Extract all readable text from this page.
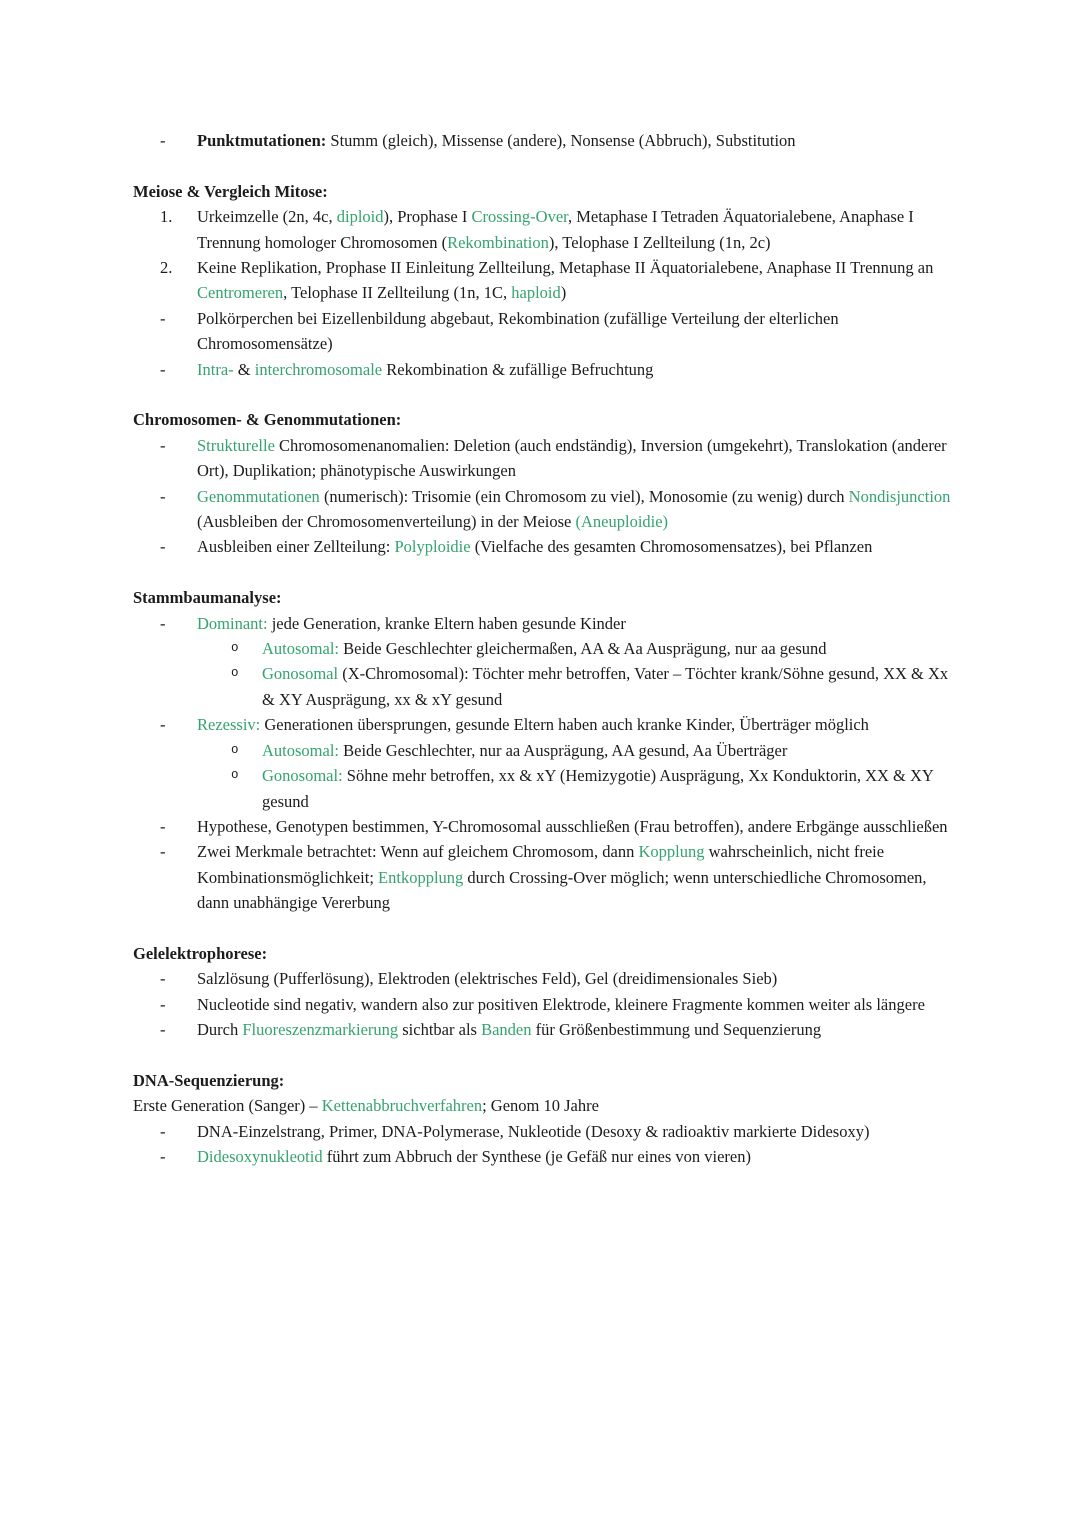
-	Punktmutationen: Stumm (gleich), Missense (andere), Nonsense (Abbruch), Substitution
Meiose & Vergleich Mitose:
1.	Urkeimzelle (2n, 4c, diploid), Prophase I Crossing-Over, Metaphase I Tetraden Äquatorialebene, Anaphase I Trennung homologer Chromosomen (Rekombination), Telophase I Zellteilung (1n, 2c)
2.	Keine Replikation, Prophase II Einleitung Zellteilung, Metaphase II Äquatorialebene, Anaphase II Trennung an Centromeren, Telophase II Zellteilung (1n, 1C, haploid)
-	Polkörperchen bei Eizellenbildung abgebaut, Rekombination (zufällige Verteilung der elterlichen Chromosomensätze)
-	Intra- & interchromosomale Rekombination & zufällige Befruchtung
Chromosomen- & Genommutationen:
-	Strukturelle Chromosomenanomalien: Deletion (auch endständig), Inversion (umgekehrt), Translokation (anderer Ort), Duplikation; phänotypische Auswirkungen
-	Genommutationen (numerisch): Trisomie (ein Chromosom zu viel), Monosomie (zu wenig) durch Nondisjunction (Ausbleiben der Chromosomenverteilung) in der Meiose (Aneuploidie)
-	Ausbleiben einer Zellteilung: Polyploidie (Vielfache des gesamten Chromosomensatzes), bei Pflanzen
Stammbaumanalyse:
-	Dominant: jede Generation, kranke Eltern haben gesunde Kinder
o	Autosomal: Beide Geschlechter gleichermaßen, AA & Aa Ausprägung, nur aa gesund
o	Gonosomal (X-Chromosomal): Töchter mehr betroffen, Vater – Töchter krank/Söhne gesund, XX & Xx & XY Ausprägung, xx & xY gesund
-	Rezessiv: Generationen übersprungen, gesunde Eltern haben auch kranke Kinder, Überträger möglich
o	Autosomal: Beide Geschlechter, nur aa Ausprägung, AA gesund, Aa Überträger
o	Gonosomal: Söhne mehr betroffen, xx & xY (Hemizygotie) Ausprägung, Xx Konduktorin, XX & XY gesund
-	Hypothese, Genotypen bestimmen, Y-Chromosomal ausschließen (Frau betroffen), andere Erbgänge ausschließen
-	Zwei Merkmale betrachtet: Wenn auf gleichem Chromosom, dann Kopplung wahrscheinlich, nicht freie Kombinationsmöglichkeit; Entkopplung durch Crossing-Over möglich; wenn unterschiedliche Chromosomen, dann unabhängige Vererbung
Gelelektrophorese:
-	Salzlösung (Pufferlösung), Elektroden (elektrisches Feld), Gel (dreidimensionales Sieb)
-	Nucleotide sind negativ, wandern also zur positiven Elektrode, kleinere Fragmente kommen weiter als längere
-	Durch Fluoreszenzmarkierung sichtbar als Banden für Größenbestimmung und Sequenzierung
DNA-Sequenzierung:
Erste Generation (Sanger) – Kettenabbruchverfahren; Genom 10 Jahre
-	DNA-Einzelstrang, Primer, DNA-Polymerase, Nukleotide (Desoxy & radioaktiv markierte Didesoxy)
-	Didesoxynukleotid führt zum Abbruch der Synthese (je Gefäß nur eines von vieren)
